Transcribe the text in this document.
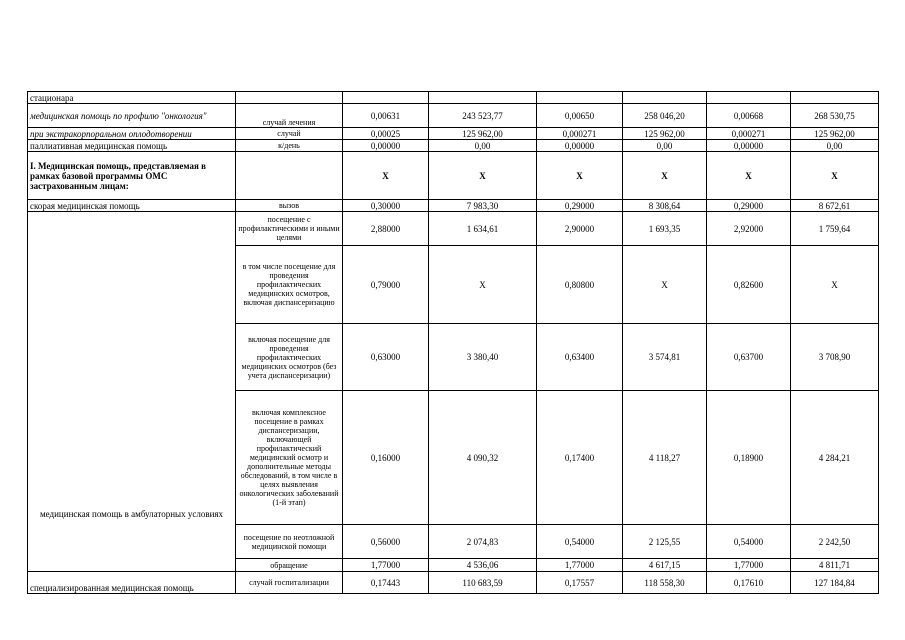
стационара							
медицинская помощь по профилю "онкология"	случай лечения	0,00631	243 523,77	0,00650	258 046,20	0,00668	268 530,75
при экстракорпоральном оплодотворении	случай	0,00025	125 962,00	0,000271	125 962,00	0,000271	125 962,00
паллиативная медицинская помощь	к/день	0,00000	0,00	0,00000	0,00	0,00000	0,00
I. Медицинская помощь, представляемая в рамках базовой программы ОМС застрахованным лицам:		X	X	X	X	X	X
скорая медицинская помощь	вызов	0,30000	7 983,30	0,29000	8 308,64	0,29000	8 672,61
медицинская помощь в амбулаторных условиях	посещение с профилактическими и иными целями	2,88000	1 634,61	2,90000	1 693,35	2,92000	1 759,64
	в том числе посещение для проведения профилактических медицинских осмотров, включая диспансеризацию	0,79000	X	0,80800	X	0,82600	X
	включая посещение для проведения профилактических медицинских осмотров (без учета диспансеризации)	0,63000	3 380,40	0,63400	3 574,81	0,63700	3 708,90
	включая комплексное посещение в рамках диспансеризации, включающей профилактический медицинский осмотр и дополнительные методы обследований, в том числе в целях выявления онкологических заболеваний (1-й этап)	0,16000	4 090,32	0,17400	4 118,27	0,18900	4 284,21
	посещение по неотложной медицинской помощи	0,56000	2 074,83	0,54000	2 125,55	0,54000	2 242,50
	обращение	1,77000	4 536,06	1,77000	4 617,15	1,77000	4 811,71
специализированная медицинская помощь	случай госпитализации	0,17443	110 683,59	0,17557	118 558,30	0,17610	127 184,84
